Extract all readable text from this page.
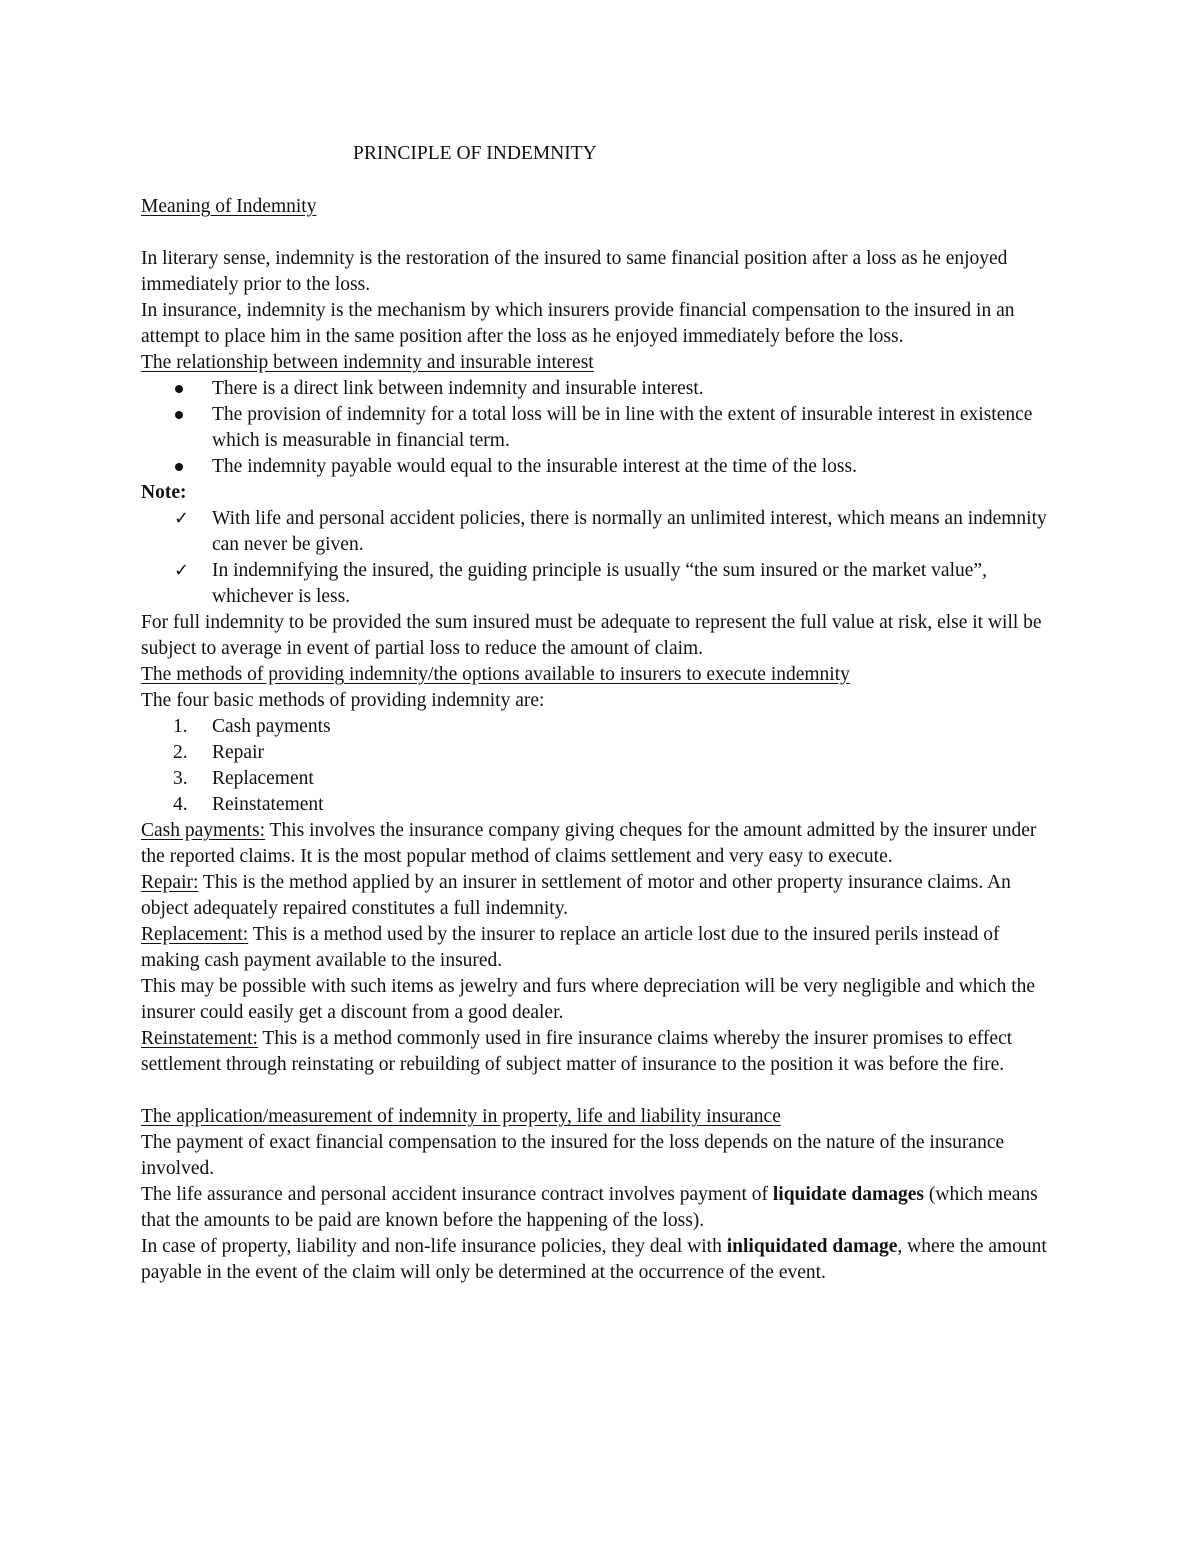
PRINCIPLE OF INDEMNITY

Meaning of Indemnity

In literary sense, indemnity is the restoration of the insured to same financial position after a loss as he enjoyed immediately prior to the loss.

In insurance, indemnity is the mechanism by which insurers provide financial compensation to the insured in an attempt to place him in the same position after the loss as he enjoyed immediately before the loss.

The relationship between indemnity and insurable interest

There is a direct link between indemnity and insurable interest.
The provision of indemnity for a total loss will be in line with the extent of insurable interest in existence which is measurable in financial term.
The indemnity payable would equal to the insurable interest at the time of the loss.

Note:

✓ With life and personal accident policies, there is normally an unlimited interest, which means an indemnity can never be given.
✓ In indemnifying the insured, the guiding principle is usually “the sum insured or the market value”, whichever is less.

For full indemnity to be provided the sum insured must be adequate to represent the full value at risk, else it will be subject to average in event of partial loss to reduce the amount of claim.

The methods of providing indemnity/the options available to insurers to execute indemnity

The four basic methods of providing indemnity are:

1. Cash payments
2. Repair
3. Replacement
4. Reinstatement

Cash payments: This involves the insurance company giving cheques for the amount admitted by the insurer under the reported claims. It is the most popular method of claims settlement and very easy to execute.

Repair: This is the method applied by an insurer in settlement of motor and other property insurance claims. An object adequately repaired constitutes a full indemnity.

Replacement: This is a method used by the insurer to replace an article lost due to the insured perils instead of making cash payment available to the insured.

This may be possible with such items as jewelry and furs where depreciation will be very negligible and which the insurer could easily get a discount from a good dealer.

Reinstatement: This is a method commonly used in fire insurance claims whereby the insurer promises to effect settlement through reinstating or rebuilding of subject matter of insurance to the position it was before the fire.

The application/measurement of indemnity in property, life and liability insurance

The payment of exact financial compensation to the insured for the loss depends on the nature of the insurance involved.

The life assurance and personal accident insurance contract involves payment of liquidate damages (which means that the amounts to be paid are known before the happening of the loss).

In case of property, liability and non-life insurance policies, they deal with inliquidated damage, where the amount payable in the event of the claim will only be determined at the occurrence of the event.
